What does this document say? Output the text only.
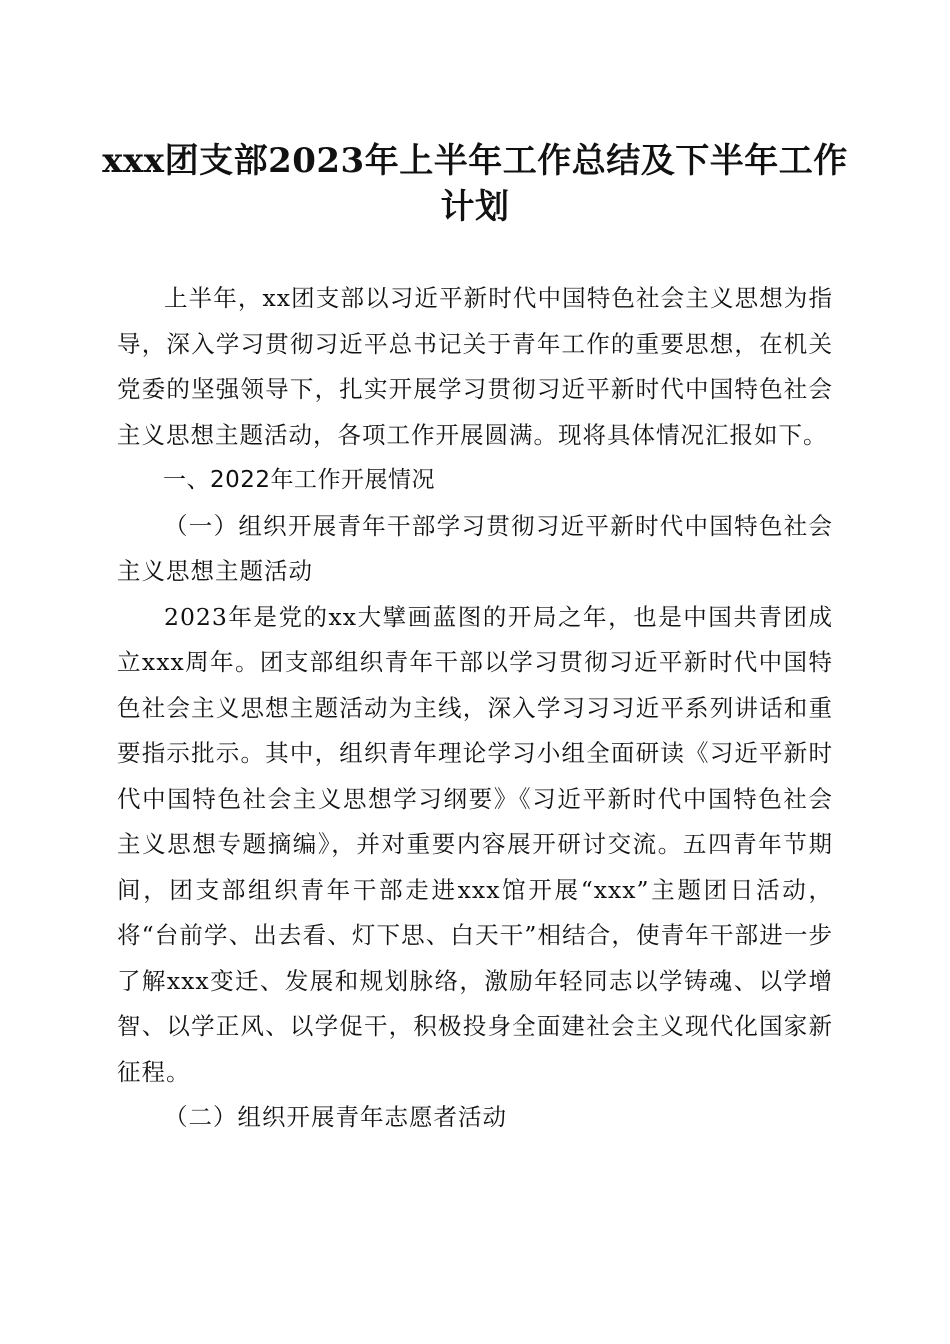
xxx团支部2023年上半年工作总结及下半年工作计划

上半年，xx团支部以习近平新时代中国特色社会主义思想为指导，深入学习贯彻习近平总书记关于青年工作的重要思想，在机关党委的坚强领导下，扎实开展学习贯彻习近平新时代中国特色社会主义思想主题活动，各项工作开展圆满。现将具体情况汇报如下。

一、2022年工作开展情况

（一）组织开展青年干部学习贯彻习近平新时代中国特色社会主义思想主题活动

2023年是党的xx大擘画蓝图的开局之年，也是中国共青团成立xxx周年。团支部组织青年干部以学习贯彻习近平新时代中国特色社会主义思想主题活动为主线，深入学习习习近平系列讲话和重要指示批示。其中，组织青年理论学习小组全面研读《习近平新时代中国特色社会主义思想学习纲要》《习近平新时代中国特色社会主义思想专题摘编》，并对重要内容展开研讨交流。五四青年节期间，团支部组织青年干部走进xxx馆开展“xxx”主题团日活动，将“台前学、出去看、灯下思、白天干”相结合，使青年干部进一步了解xxx变迁、发展和规划脉络，激励年轻同志以学铸魂、以学增智、以学正风、以学促干，积极投身全面建社会主义现代化国家新征程。

（二）组织开展青年志愿者活动
